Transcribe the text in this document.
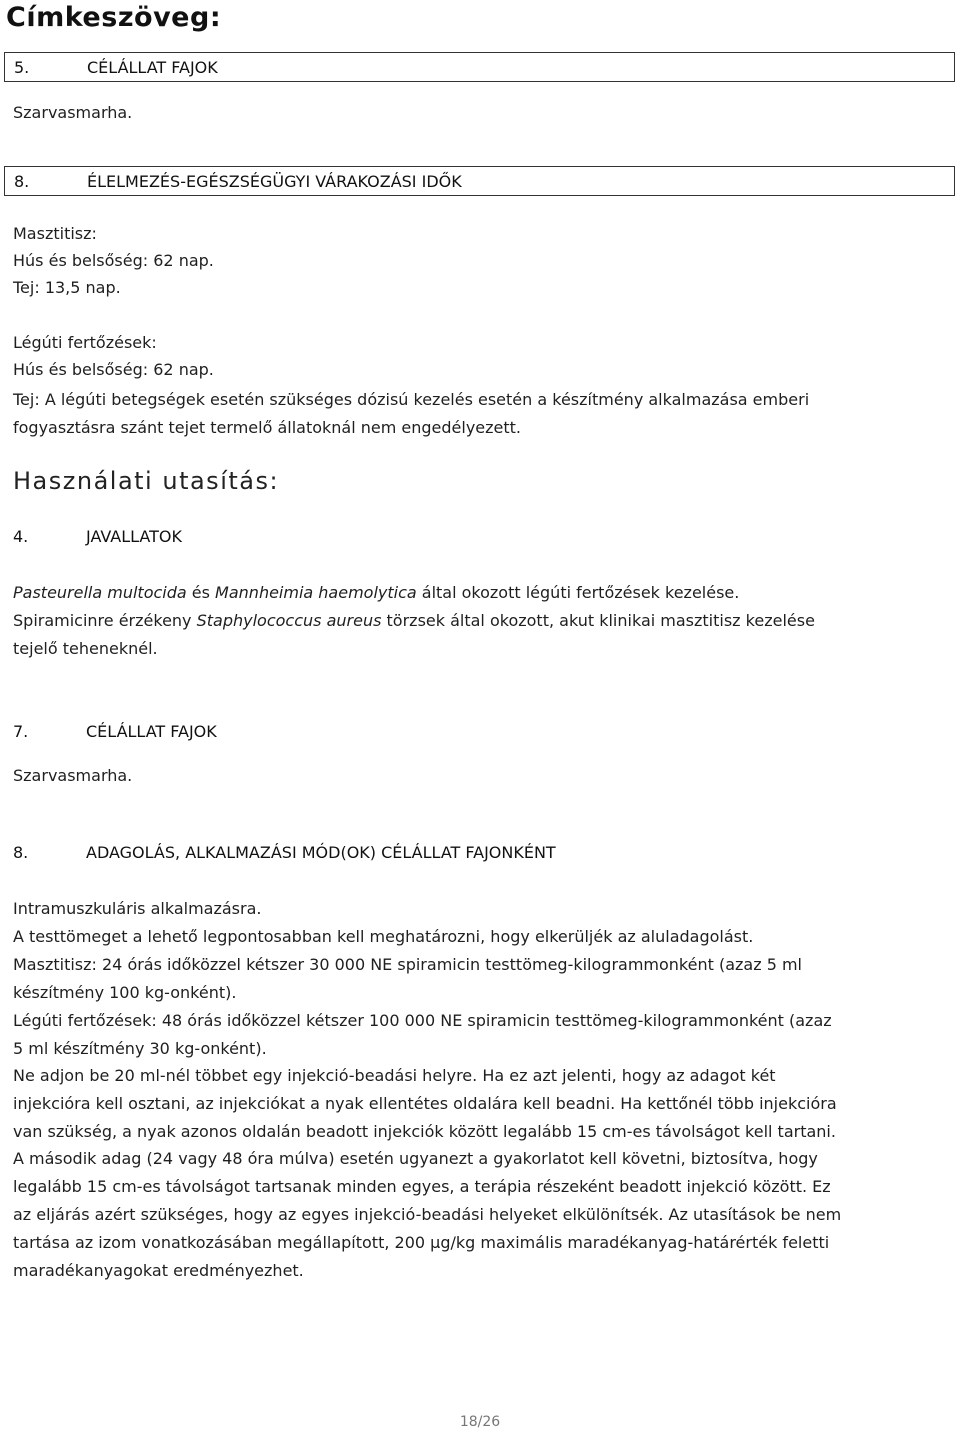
Címkeszöveg:
5.	CÉLÁLLAT FAJOK
Szarvasmarha.
8.	ÉLELMEZÉS-EGÉSZSÉGÜGYI VÁRAKOZÁSI IDŐK
Masztitisz:
Hús és belsőség: 62 nap.
Tej: 13,5 nap.
Légúti fertőzések:
Hús és belsőség: 62 nap.
Tej: A légúti betegségek esetén szükséges dózisú kezelés esetén a készítmény alkalmazása emberi
fogyasztásra szánt tejet termelő állatoknál nem engedélyezett.
Használati utasítás:
4.	JAVALLATOK
Pasteurella multocida és Mannheimia haemolytica által okozott légúti fertőzések kezelése.
Spiramicinre érzékeny Staphylococcus aureus törzsek által okozott, akut klinikai masztitisz kezelése
tejelő teheneknél.
7.	CÉLÁLLAT FAJOK
Szarvasmarha.
8.	ADAGOLÁS, ALKALMAZÁSI MÓD(OK) CÉLÁLLAT FAJONKÉNT
Intramuszkuláris alkalmazásra.
A testtömeget a lehető legpontosabban kell meghatározni, hogy elkerüljék az aluladagolást.
Masztitisz: 24 órás időközzel kétszer 30 000 NE spiramicin testtömeg-kilogrammonként (azaz 5 ml
készítmény 100 kg-onként).
Légúti fertőzések: 48 órás időközzel kétszer 100 000 NE spiramicin testtömeg-kilogrammonként (azaz
5 ml készítmény 30 kg-onként).
Ne adjon be 20 ml-nél többet egy injekció-beadási helyre. Ha ez azt jelenti, hogy az adagot két
injekcióra kell osztani, az injekciókat a nyak ellentétes oldalára kell beadni. Ha kettőnél több injekcióra
van szükség, a nyak azonos oldalán beadott injekciók között legalább 15 cm-es távolságot kell tartani.
A második adag (24 vagy 48 óra múlva) esetén ugyanezt a gyakorlatot kell követni, biztosítva, hogy
legalább 15 cm-es távolságot tartsanak minden egyes, a terápia részeként beadott injekció között. Ez
az eljárás azért szükséges, hogy az egyes injekció-beadási helyeket elkülönítsék. Az utasítások be nem
tartása az izom vonatkozásában megállapított, 200 µg/kg maximális maradékanyag-határérték feletti
maradékanyagokat eredményezhet.
18/26
